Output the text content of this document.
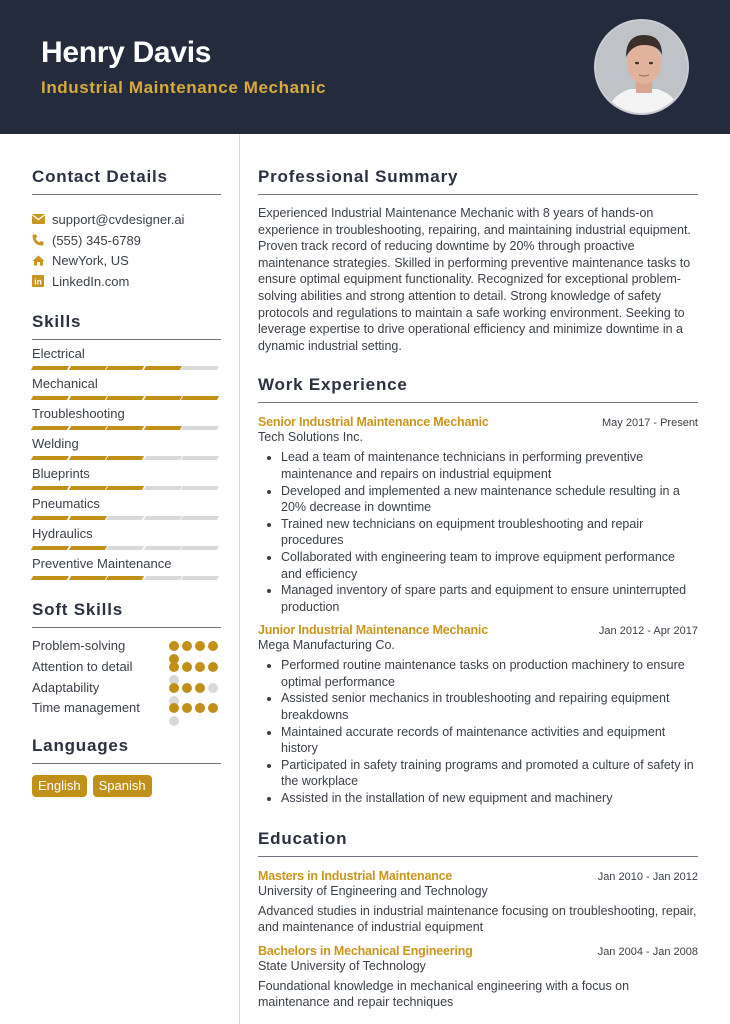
Henry Davis
Industrial Maintenance Mechanic
Contact Details
support@cvdesigner.ai
(555) 345-6789
NewYork, US
in LinkedIn.com
Skills
Electrical
Mechanical
Troubleshooting
Welding
Blueprints
Pneumatics
Hydraulics
Preventive Maintenance
Soft Skills
Problem-solving
Attention to detail
Adaptability
Time management
Languages
English	Spanish
Professional Summary
Experienced Industrial Maintenance Mechanic with 8 years of hands-on experience in troubleshooting, repairing, and maintaining industrial equipment. Proven track record of reducing downtime by 20% through proactive maintenance strategies. Skilled in performing preventive maintenance tasks to ensure optimal equipment functionality. Recognized for exceptional problem-solving abilities and strong attention to detail. Strong knowledge of safety protocols and regulations to maintain a safe working environment. Seeking to leverage expertise to drive operational efficiency and minimize downtime in a dynamic industrial setting.
Work Experience
Senior Industrial Maintenance Mechanic	May 2017 - Present
Tech Solutions Inc.
• Lead a team of maintenance technicians in performing preventive maintenance and repairs on industrial equipment
• Developed and implemented a new maintenance schedule resulting in a 20% decrease in downtime
• Trained new technicians on equipment troubleshooting and repair procedures
• Collaborated with engineering team to improve equipment performance and efficiency
• Managed inventory of spare parts and equipment to ensure uninterrupted production
Junior Industrial Maintenance Mechanic	Jan 2012 - Apr 2017
Mega Manufacturing Co.
• Performed routine maintenance tasks on production machinery to ensure optimal performance
• Assisted senior mechanics in troubleshooting and repairing equipment breakdowns
• Maintained accurate records of maintenance activities and equipment history
• Participated in safety training programs and promoted a culture of safety in the workplace
• Assisted in the installation of new equipment and machinery
Education
Masters in Industrial Maintenance	Jan 2010 - Jan 2012
University of Engineering and Technology
Advanced studies in industrial maintenance focusing on troubleshooting, repair, and maintenance of industrial equipment
Bachelors in Mechanical Engineering	Jan 2004 - Jan 2008
State University of Technology
Foundational knowledge in mechanical engineering with a focus on maintenance and repair techniques
